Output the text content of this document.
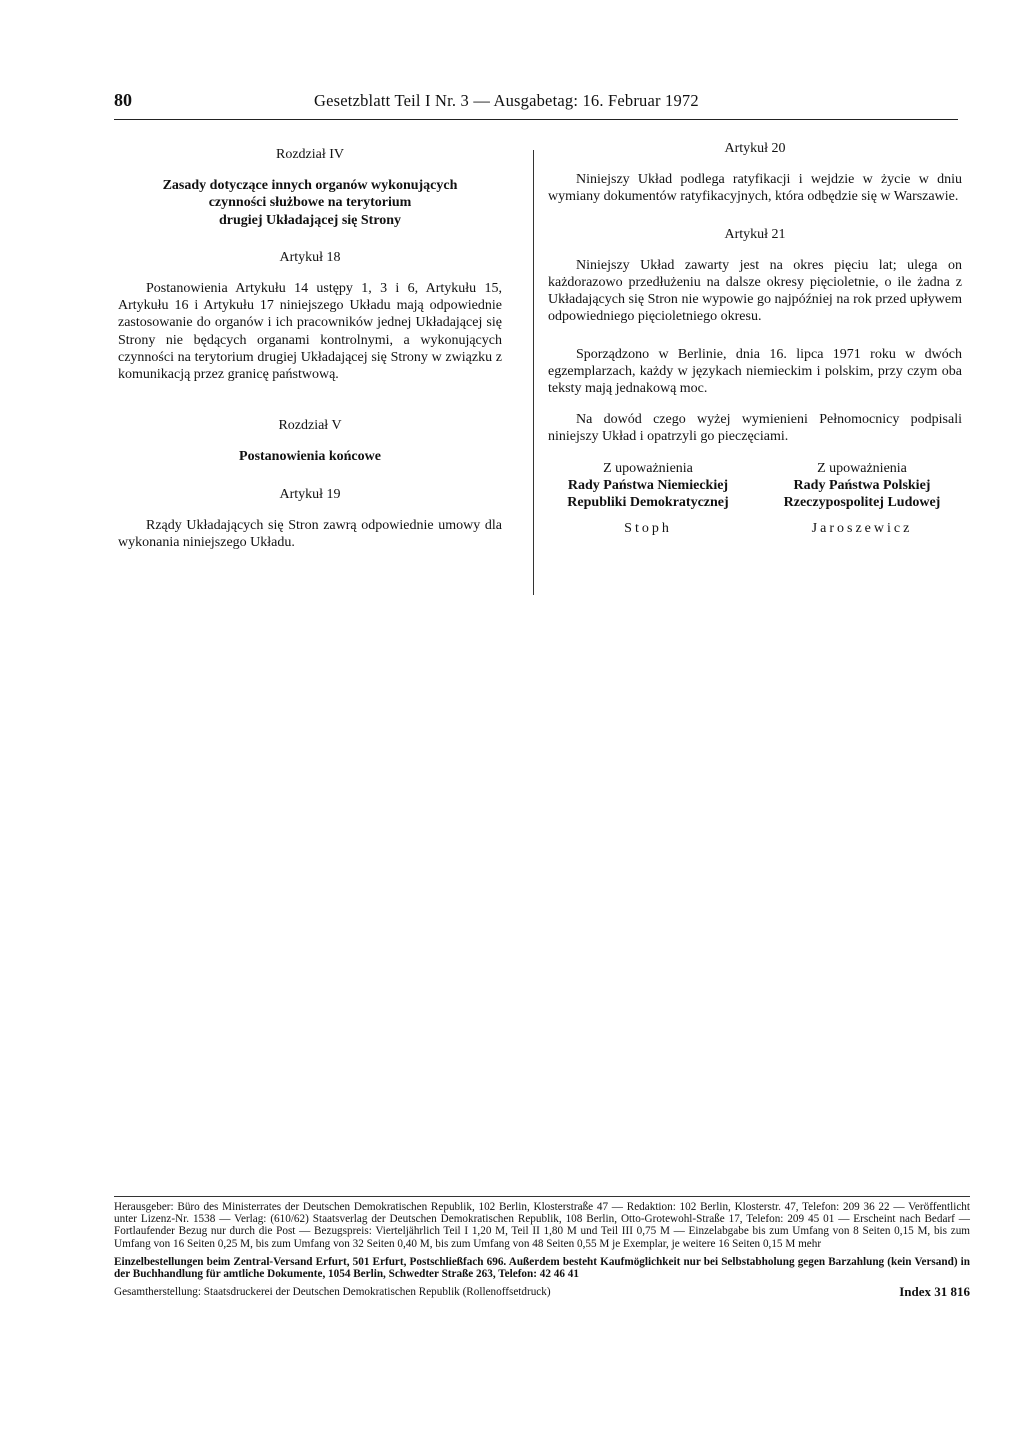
80	Gesetzblatt Teil I Nr. 3 — Ausgabetag: 16. Februar 1972

Rozdział IV

Zasady dotyczące innych organów wykonujących
czynności służbowe na terytorium
drugiej Układającej się Strony

Artykuł 18

Postanowienia Artykułu 14 ustępy 1, 3 i 6, Artykułu 15, Artykułu 16 i Artykułu 17 niniejszego Układu mają odpowiednie zastosowanie do organów i ich pracowników jednej Układającej się Strony nie będących organami kontrolnymi, a wykonujących czynności na terytorium drugiej Układającej się Strony w związku z komunikacją przez granicę państwową.

Rozdział V

Postanowienia końcowe

Artykuł 19

Rządy Układających się Stron zawrą odpowiednie umowy dla wykonania niniejszego Układu.

Artykuł 20

Niniejszy Układ podlega ratyfikacji i wejdzie w życie w dniu wymiany dokumentów ratyfikacyjnych, która odbędzie się w Warszawie.

Artykuł 21

Niniejszy Układ zawarty jest na okres pięciu lat; ulega on każdorazowo przedłużeniu na dalsze okresy pięcioletnie, o ile żadna z Układających się Stron nie wypowie go najpóźniej na rok przed upływem odpowiedniego pięcioletniego okresu.

Sporządzono w Berlinie, dnia 16. lipca 1971 roku w dwóch egzemplarzach, każdy w językach niemieckim i polskim, przy czym oba teksty mają jednakową moc.

Na dowód czego wyżej wymienieni Pełnomocnicy podpisali niniejszy Układ i opatrzyli go pieczęciami.

Z upoważnienia
Rady Państwa Niemieckiej
Republiki Demokratycznej
Stoph
Z upoważnienia
Rady Państwa Polskiej
Rzeczypospolitej Ludowej
Jaroszewicz

Herausgeber: Büro des Ministerrates der Deutschen Demokratischen Republik, 102 Berlin, Klosterstraße 47 — Redaktion: 102 Berlin, Klosterstr. 47, Telefon: 209 36 22 — Veröffentlicht unter Lizenz-Nr. 1538 — Verlag: (610/62) Staatsverlag der Deutschen Demokratischen Republik, 108 Berlin, Otto-Grotewohl-Straße 17, Telefon: 209 45 01 — Erscheint nach Bedarf — Fortlaufender Bezug nur durch die Post — Bezugspreis: Vierteljährlich Teil I 1,20 M, Teil II 1,80 M und Teil III 0,75 M — Einzelabgabe bis zum Umfang von 8 Seiten 0,15 M, bis zum Umfang von 16 Seiten 0,25 M, bis zum Umfang von 32 Seiten 0,40 M, bis zum Umfang von 48 Seiten 0,55 M je Exemplar, je weitere 16 Seiten 0,15 M mehr

Einzelbestellungen beim Zentral-Versand Erfurt, 501 Erfurt, Postschließfach 696. Außerdem besteht Kaufmöglichkeit nur bei Selbstabholung gegen Barzahlung (kein Versand) in der Buchhandlung für amtliche Dokumente, 1054 Berlin, Schwedter Straße 263, Telefon: 42 46 41

Gesamtherstellung: Staatsdruckerei der Deutschen Demokratischen Republik (Rollenoffsetdruck)	Index 31 816
